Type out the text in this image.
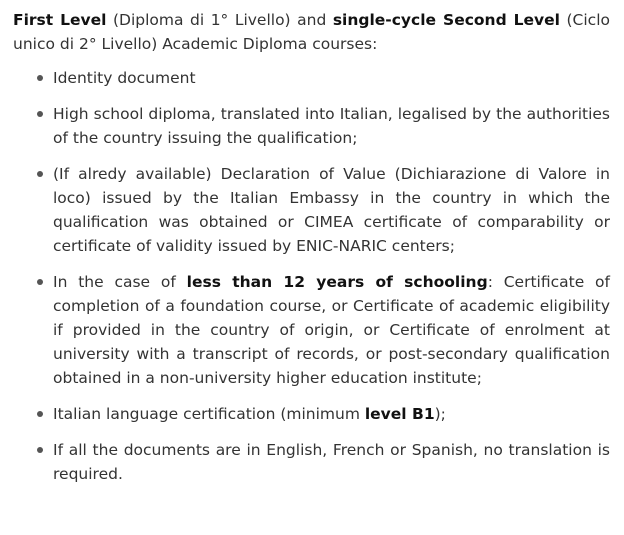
First Level (Diploma di 1° Livello) and single-cycle Second Level (Ciclo unico di 2° Livello) Academic Diploma courses:

Identity document
High school diploma, translated into Italian, legalised by the authorities of the country issuing the qualification;
(If alredy available) Declaration of Value (Dichiarazione di Valore in loco) issued by the Italian Embassy in the country in which the qualification was obtained or CIMEA certificate of comparability or certificate of validity issued by ENIC-NARIC centers;
In the case of less than 12 years of schooling: Certificate of completion of a foundation course, or Certificate of academic eligibility if provided in the country of origin, or Certificate of enrolment at university with a transcript of records, or post-secondary qualification obtained in a non-university higher education institute;
Italian language certification (minimum level B1);
If all the documents are in English, French or Spanish, no translation is required.
